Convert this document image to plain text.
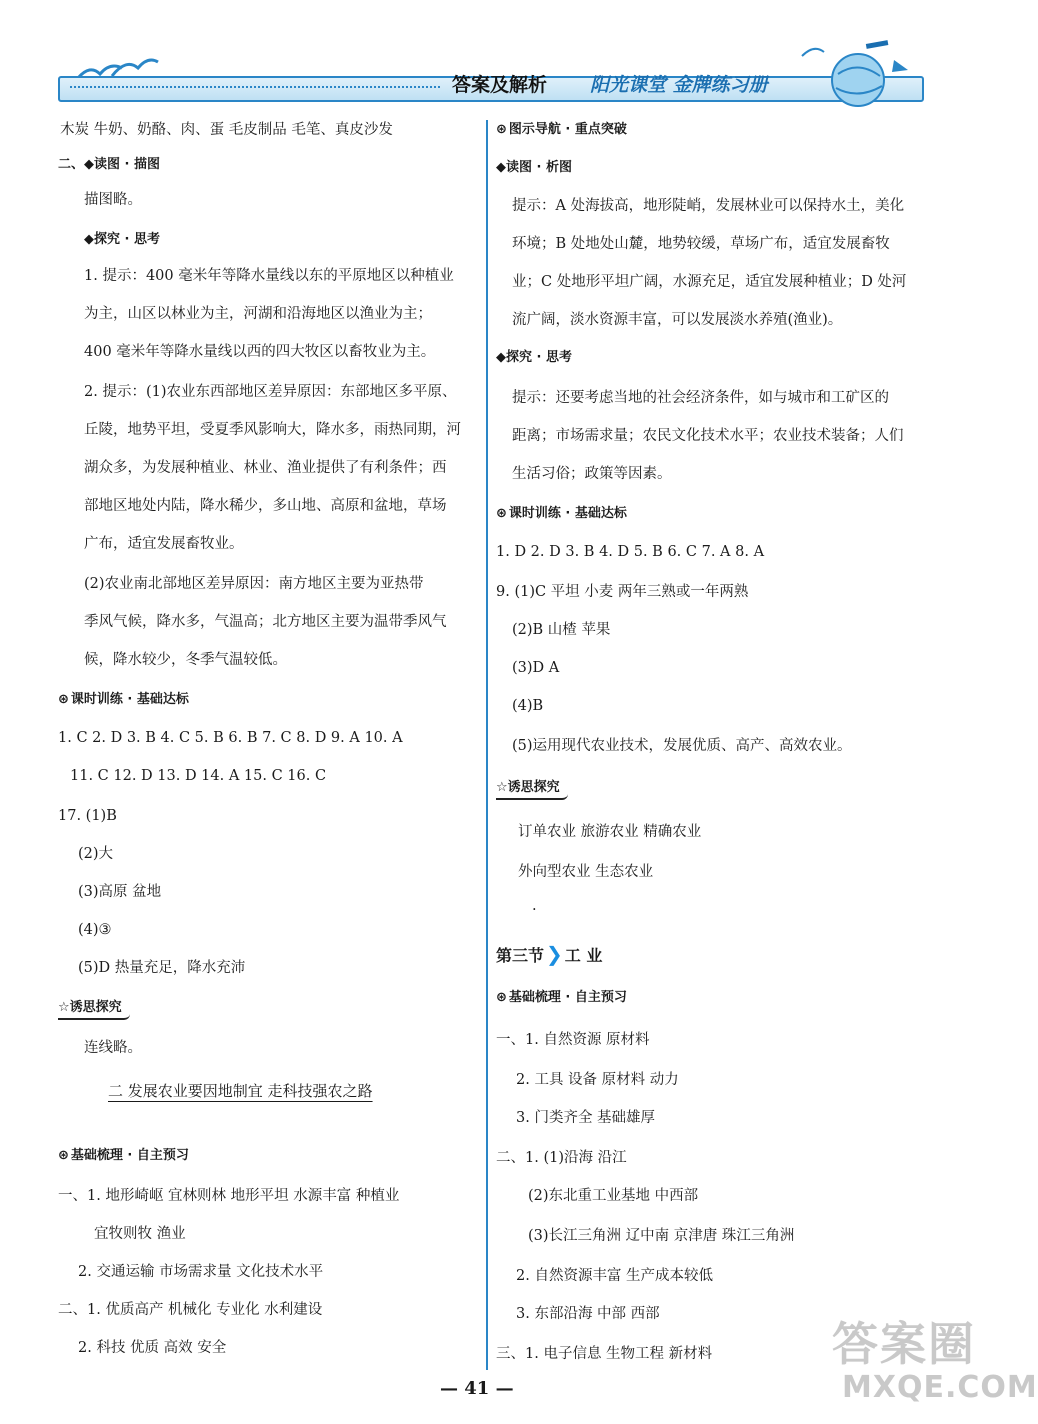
答案及解析 阳光课堂 金牌练习册
木炭 牛奶、奶酪、肉、蛋 毛皮制品 毛笔、真皮沙发
二、◆读图 · 描图
描图略。
◆探究 · 思考
1. 提示：400 毫米年等降水量线以东的平原地区以种植业
为主，山区以林业为主，河湖和沿海地区以渔业为主；
400 毫米年等降水量线以西的四大牧区以畜牧业为主。
2. 提示：(1)农业东西部地区差异原因：东部地区多平原、
丘陵，地势平坦，受夏季风影响大，降水多，雨热同期，河
湖众多，为发展种植业、林业、渔业提供了有利条件；西
部地区地处内陆，降水稀少，多山地、高原和盆地，草场
广布，适宜发展畜牧业。
(2)农业南北部地区差异原因：南方地区主要为亚热带
季风气候，降水多，气温高；北方地区主要为温带季风气
候，降水较少，冬季气温较低。
⊛ 课时训练 · 基础达标
1. C 2. D 3. B 4. C 5. B 6. B 7. C 8. D 9. A 10. A
11. C 12. D 13. D 14. A 15. C 16. C
17. (1)B
(2)大
(3)高原 盆地
(4)③
(5)D 热量充足，降水充沛
☆诱思探究
连线略。
二 发展农业要因地制宜 走科技强农之路
⊛ 基础梳理 · 自主预习
一、1. 地形崎岖 宜林则林 地形平坦 水源丰富 种植业
宜牧则牧 渔业
2. 交通运输 市场需求量 文化技术水平
二、1. 优质高产 机械化 专业化 水利建设
2. 科技 优质 高效 安全
⊛ 图示导航 · 重点突破
◆读图 · 析图
提示：A 处海拔高，地形陡峭，发展林业可以保持水土，美化
环境；B 处地处山麓，地势较缓，草场广布，适宜发展畜牧
业；C 处地形平坦广阔，水源充足，适宜发展种植业；D 处河
流广阔，淡水资源丰富，可以发展淡水养殖(渔业)。
◆探究 · 思考
提示：还要考虑当地的社会经济条件，如与城市和工矿区的
距离；市场需求量；农民文化技术水平；农业技术装备；人们
生活习俗；政策等因素。
⊛ 课时训练 · 基础达标
1. D 2. D 3. B 4. D 5. B 6. C 7. A 8. A
9. (1)C 平坦 小麦 两年三熟或一年两熟
(2)B 山楂 苹果
(3)D A
(4)B
(5)运用现代农业技术，发展优质、高产、高效农业。
☆诱思探究
订单农业 旅游农业 精确农业
外向型农业 生态农业
.
第三节 ❯ 工 业
⊛ 基础梳理 · 自主预习
一、1. 自然资源 原材料
2. 工具 设备 原材料 动力
3. 门类齐全 基础雄厚
二、1. (1)沿海 沿江
(2)东北重工业基地 中西部
(3)长江三角洲 辽中南 京津唐 珠江三角洲
2. 自然资源丰富 生产成本较低
3. 东部沿海 中部 西部
三、1. 电子信息 生物工程 新材料
— 41 —
答案圈
MXQE.COM
